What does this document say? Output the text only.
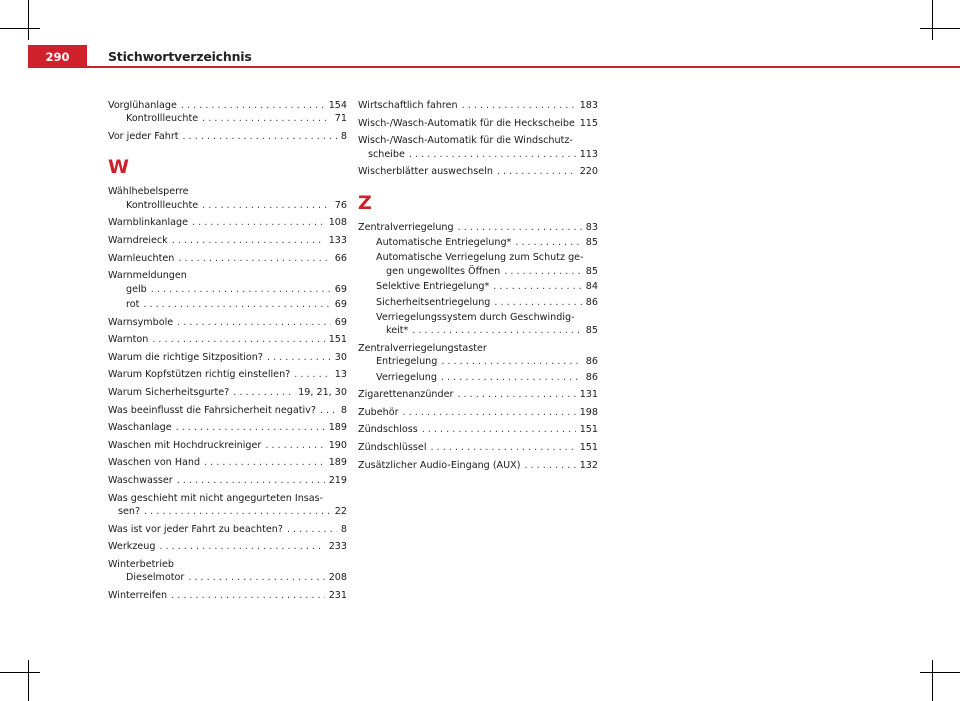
290	Stichwortverzeichnis
Vorglühanlage . . .	154
Kontrollleuchte . . .	71
Vor jeder Fahrt . . .	8
W
Wählhebelsperre
Kontrollleuchte . . .	76
Warnblinkanlage . . .	108
Warndreieck . . .	133
Warnleuchten . . .	66
Warnmeldungen
gelb . . .	69
rot . . .	69
Warnsymbole . . .	69
Warnton . . .	151
Warum die richtige Sitzposition? . . .	30
Warum Kopfstützen richtig einstellen? . . .	13
Warum Sicherheitsgurte? . . .	19, 21, 30
Was beeinflusst die Fahrsicherheit negativ? . . .	8
Waschanlage . . .	189
Waschen mit Hochdruckreiniger . . .	190
Waschen von Hand . . .	189
Waschwasser . . .	219
Was geschieht mit nicht angegurteten Insas-
sen? . . .	22
Was ist vor jeder Fahrt zu beachten? . . .	8
Werkzeug . . .	233
Winterbetrieb
Dieselmotor . . .	208
Winterreifen . . .	231
Wirtschaftlich fahren . . .	183
Wisch-/Wasch-Automatik für die Heckscheibe . . . 115
Wisch-/Wasch-Automatik für die Windschutz-
scheibe . . .	113
Wischerblätter auswechseln . . .	220
Z
Zentralverriegelung . . .	83
Automatische Entriegelung* . . .	85
Automatische Verriegelung zum Schutz ge-
gen ungewolltes Öffnen . . .	85
Selektive Entriegelung* . . .	84
Sicherheitsentriegelung . . .	86
Verriegelungssystem durch Geschwindig-
keit* . . .	85
Zentralverriegelungstaster
Entriegelung . . .	86
Verriegelung . . .	86
Zigarettenanzünder . . .	131
Zubehör . . .	198
Zündschloss . . .	151
Zündschlüssel . . .	151
Zusätzlicher Audio-Eingang (AUX) . . .	132
